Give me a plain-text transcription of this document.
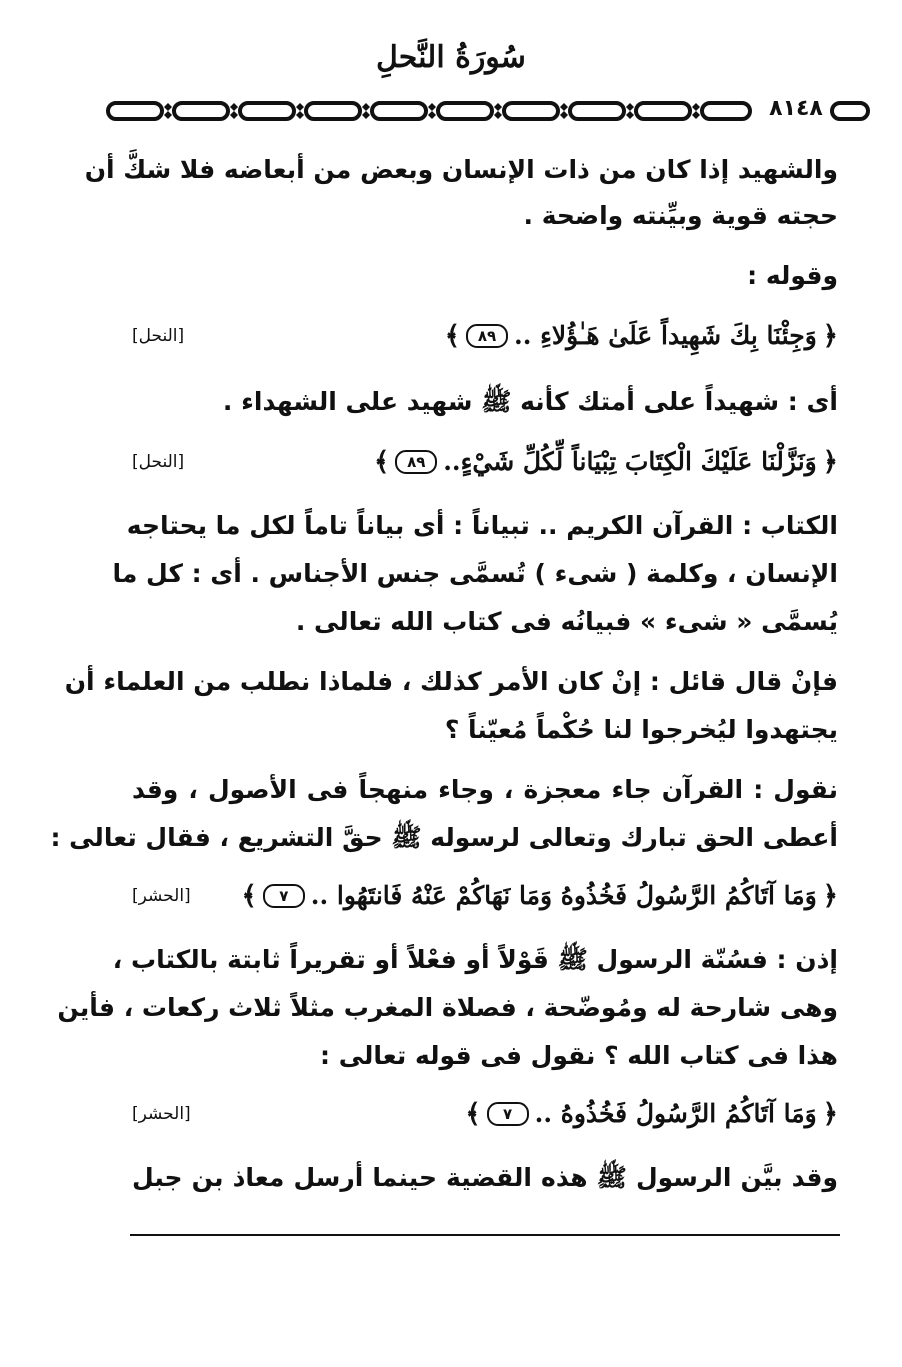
سُورَةُ النَّحلِ
٨١٤٨
والشهيد إذا كان من ذات الإنسان وبعض من أبعاضه فلا شكَّ أن
حجته قوية وبيِّنته واضحة .
وقوله :
﴿
وَجِئْنَا بِكَ شَهِيداً عَلَىٰ هَـٰؤُلاءِ ..
٨٩
﴾
[النحل]
أى : شهيداً على أمتك كأنه ﷺ شهيد على الشهداء .
﴿
وَنَزَّلْنَا عَلَيْكَ الْكِتَابَ تِبْيَاناً لِّكُلِّ شَيْءٍ..
٨٩
﴾
[النحل]
الكتاب : القرآن الكريم .. تبياناً : أى بياناً تاماً لكل ما يحتاجه
الإنسان ، وكلمة ( شىء ) تُسمَّى جنس الأجناس . أى : كل ما
يُسمَّى « شىء » فبيانُه فى كتاب الله تعالى .
فإنْ قال قائل : إنْ كان الأمر كذلك ، فلماذا نطلب من العلماء أن
يجتهدوا ليُخرجوا لنا حُكْماً مُعيّناً ؟
نقول : القرآن جاء معجزة ، وجاء منهجاً فى الأصول ، وقد
أعطى الحق تبارك وتعالى لرسوله ﷺ حقَّ التشريع ، فقال تعالى :
﴿
وَمَا آتَاكُمُ الرَّسُولُ فَخُذُوهُ وَمَا نَهَاكُمْ عَنْهُ فَانتَهُوا ..
٧
﴾
[الحشر]
إذن : فسُنّة الرسول ﷺ قَوْلاً أو فعْلاً أو تقريراً ثابتة بالكتاب ،
وهى شارحة له ومُوضّحة ، فصلاة المغرب مثلاً ثلاث ركعات ، فأين
هذا فى كتاب الله ؟ نقول فى قوله تعالى :
﴿
وَمَا آتَاكُمُ الرَّسُولُ فَخُذُوهُ ..
٧
﴾
[الحشر]
وقد بيَّن الرسول ﷺ هذه القضية حينما أرسل معاذ بن جبل
